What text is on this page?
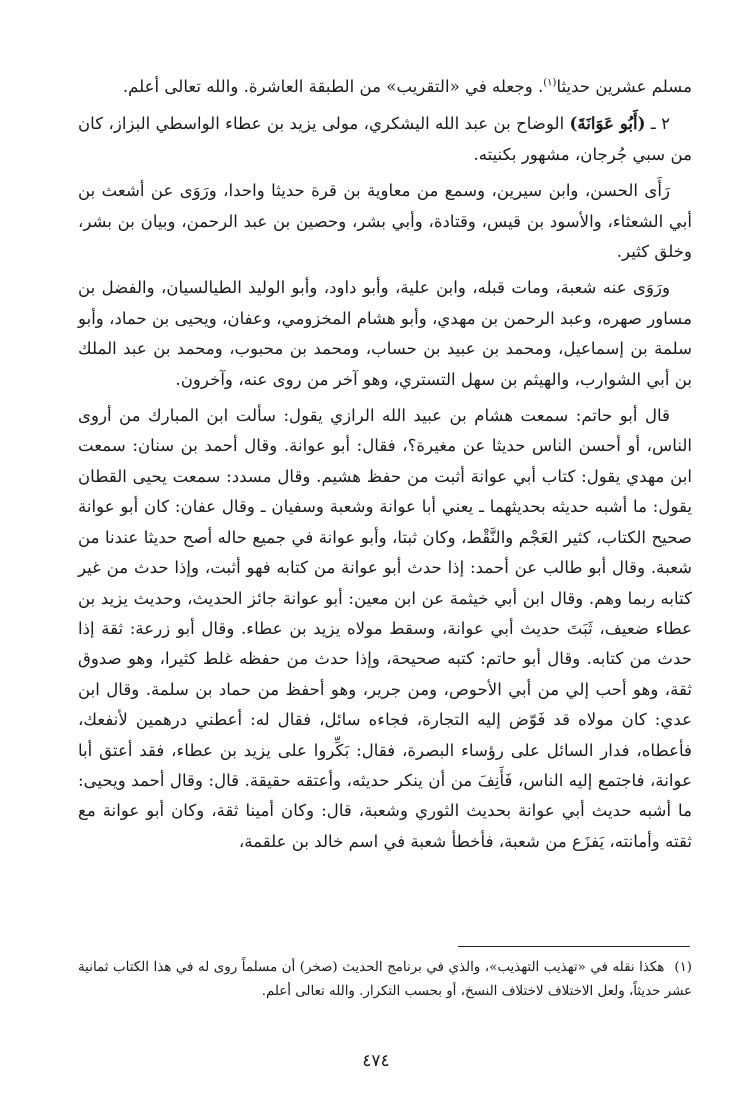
مسلم عشرين حديثا$^{(١)}$. وجعله في «التقريب» من الطبقة العاشرة. والله تعالى أعلم.

٢ ـ (أَبُو عَوَانَةَ) الوضاح بن عبد الله اليشكري، مولى يزيد بن عطاء الواسطي البزاز، كان من سبي جُرجان، مشهور بكنيته.

رَأَى الحسن، وابن سيرين، وسمع من معاوية بن قرة حديثا واحدا، ورَوَى عن أشعث بن أبي الشعثاء، والأسود بن قيس، وقتادة، وأبي بشر، وحصين بن عبد الرحمن، وبيان بن بشر، وخلق كثير.

ورَوَى عنه شعبة، ومات قبله، وابن علية، وأبو داود، وأبو الوليد الطيالسيان، والفضل بن مساور صهره، وعبد الرحمن بن مهدي، وأبو هشام المخزومي، وعفان، ويحيى بن حماد، وأبو سلمة بن إسماعيل، ومحمد بن عبيد بن حساب، ومحمد بن محبوب، ومحمد بن عبد الملك بن أبي الشوارب، والهيثم بن سهل التستري، وهو آخر من روى عنه، وآخرون.

قال أبو حاتم: سمعت هشام بن عبيد الله الرازي يقول: سألت ابن المبارك من أروى الناس، أو أحسن الناس حديثا عن مغيرة؟، فقال: أبو عوانة. وقال أحمد بن سنان: سمعت ابن مهدي يقول: كتاب أبي عوانة أثبت من حفظ هشيم. وقال مسدد: سمعت يحيى القطان يقول: ما أشبه حديثه بحديثهما ـ يعني أبا عوانة وشعبة وسفيان ـ وقال عفان: كان أبو عوانة صحيح الكتاب، كثير العَجْم والنَّقْط، وكان ثبتا، وأبو عوانة في جميع حاله أصح حديثا عندنا من شعبة. وقال أبو طالب عن أحمد: إذا حدث أبو عوانة من كتابه فهو أثبت، وإذا حدث من غير كتابه ربما وهم. وقال ابن أبي خيثمة عن ابن معين: أبو عوانة جائز الحديث، وحديث يزيد بن عطاء ضعيف، ثَبَتَ حديث أبي عوانة، وسقط مولاه يزيد بن عطاء. وقال أبو زرعة: ثقة إذا حدث من كتابه. وقال أبو حاتم: كتبه صحيحة، وإذا حدث من حفظه غلط كثيرا، وهو صدوق ثقة، وهو أحب إلي من أبي الأحوص، ومن جرير، وهو أحفظ من حماد بن سلمة. وقال ابن عدي: كان مولاه قد فَوّض إليه التجارة، فجاءه سائل، فقال له: أعطني درهمين لأنفعك، فأعطاه، فدار السائل على رؤساء البصرة، فقال: بَكِّروا على يزيد بن عطاء، فقد أعتق أبا عوانة، فاجتمع إليه الناس، فَأَنِفَ من أن ينكر حديثه، وأعتقه حقيقة. قال: وقال أحمد ويحيى: ما أشبه حديث أبي عوانة بحديث الثوري وشعبة، قال: وكان أمينا ثقة، وكان أبو عوانة مع ثقته وأمانته، يَفزَع من شعبة، فأخطأ شعبة في اسم خالد بن علقمة،

(١)هكذا نقله في «تهذيب التهذيب»، والذي في برنامج الحديث (صخر) أن مسلماً روى له في هذا الكتاب ثمانية عشر حديثاً، ولعل الاختلاف لاختلاف النسخ، أو بحسب التكرار. والله تعالى أعلم.

٤٧٤
